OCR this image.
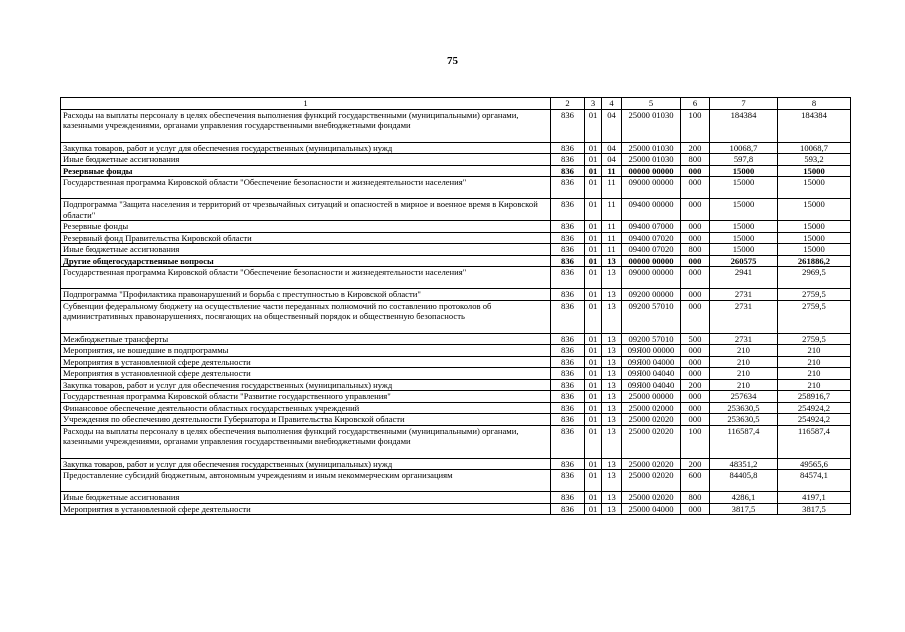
75
1	2	3	4	5	6	7	8
Расходы на выплаты персоналу в целях обеспечения выполнения функций государственными (муниципальными) органами, казенными учреждениями, органами управления государственными внебюджетными фондами	836	01	04	25000 01030	100	184384	184384
Закупка товаров, работ и услуг для обеспечения государственных (муниципальных) нужд	836	01	04	25000 01030	200	10068,7	10068,7
Иные бюджетные ассигнования	836	01	04	25000 01030	800	597,8	593,2
Резервные фонды	836	01	11	00000 00000	000	15000	15000
Государственная программа Кировской области "Обеспечение безопасности и жизнедеятельности населения"	836	01	11	09000 00000	000	15000	15000
Подпрограмма "Защита населения и территорий от чрезвычайных ситуаций и опасностей в мирное и военное время в Кировской области"	836	01	11	09400 00000	000	15000	15000
Резервные фонды	836	01	11	09400 07000	000	15000	15000
Резервный фонд Правительства Кировской области	836	01	11	09400 07020	000	15000	15000
Иные бюджетные ассигнования	836	01	11	09400 07020	800	15000	15000
Другие общегосударственные вопросы	836	01	13	00000 00000	000	260575	261886,2
Государственная программа Кировской области "Обеспечение безопасности и жизнедеятельности населения"	836	01	13	09000 00000	000	2941	2969,5
Подпрограмма "Профилактика правонарушений и борьба с преступностью в Кировской области"	836	01	13	09200 00000	000	2731	2759,5
Субвенции федеральному бюджету на осуществление части переданных полномочий по составлению протоколов об административных правонарушениях, посягающих на общественный порядок и общественную безопасность	836	01	13	09200 57010	000	2731	2759,5
Межбюджетные трансферты	836	01	13	09200 57010	500	2731	2759,5
Мероприятия, не вошедшие в подпрограммы	836	01	13	09Я00 00000	000	210	210
Мероприятия в установленной сфере деятельности	836	01	13	09Я00 04000	000	210	210
Мероприятия в установленной сфере деятельности	836	01	13	09Я00 04040	000	210	210
Закупка товаров, работ и услуг для обеспечения государственных (муниципальных) нужд	836	01	13	09Я00 04040	200	210	210
Государственная программа Кировской области "Развитие государственного управления"	836	01	13	25000 00000	000	257634	258916,7
Финансовое обеспечение деятельности областных государственных учреждений	836	01	13	25000 02000	000	253630,5	254924,2
Учреждения по обеспечению деятельности Губернатора и Правительства Кировской области	836	01	13	25000 02020	000	253630,5	254924,2
Расходы на выплаты персоналу в целях обеспечения выполнения функций государственными (муниципальными) органами, казенными учреждениями, органами управления государственными внебюджетными фондами	836	01	13	25000 02020	100	116587,4	116587,4
Закупка товаров, работ и услуг для обеспечения государственных (муниципальных) нужд	836	01	13	25000 02020	200	48351,2	49565,6
Предоставление субсидий бюджетным, автономным учреждениям и иным некоммерческим организациям	836	01	13	25000 02020	600	84405,8	84574,1
Иные бюджетные ассигнования	836	01	13	25000 02020	800	4286,1	4197,1
Мероприятия в установленной сфере деятельности	836	01	13	25000 04000	000	3817,5	3817,5
